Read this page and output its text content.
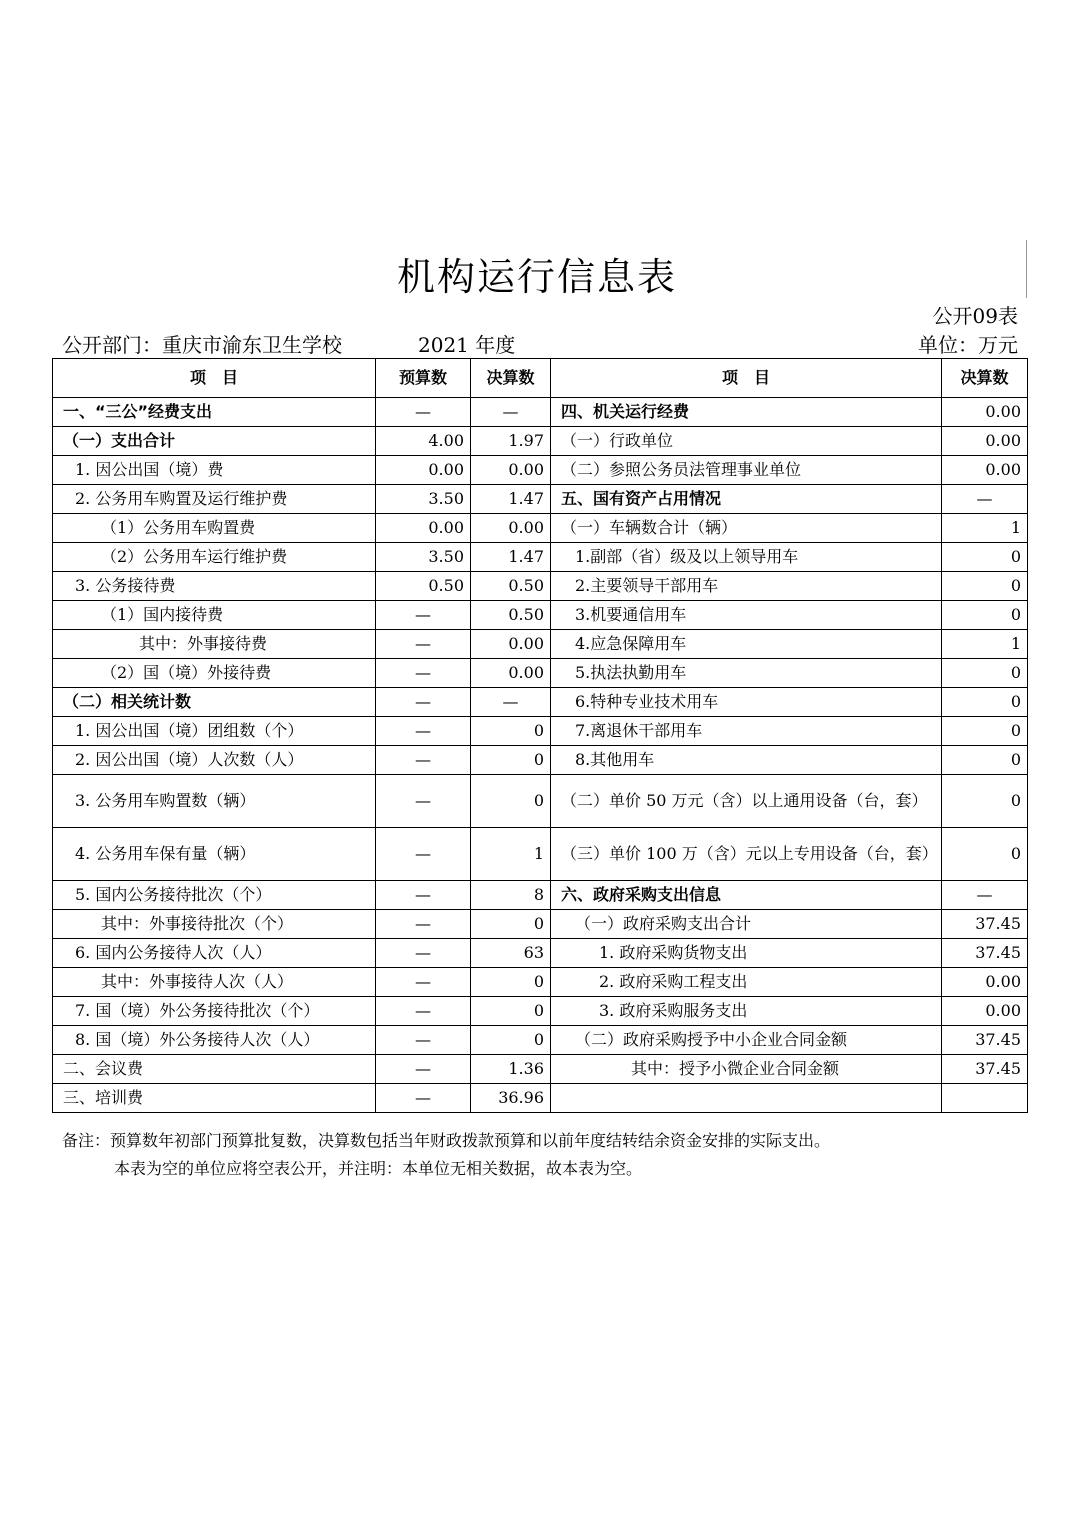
机构运行信息表
公开09表
公开部门：重庆市渝东卫生学校	2021 年度	单位：万元
项　目	预算数	决算数	项　目	决算数
一、“三公”经费支出	—	—	四、机关运行经费	0.00
（一）支出合计	4.00	1.97	（一）行政单位	0.00
1. 因公出国（境）费	0.00	0.00	（二）参照公务员法管理事业单位	0.00
2. 公务用车购置及运行维护费	3.50	1.47	五、国有资产占用情况	—
（1）公务用车购置费	0.00	0.00	（一）车辆数合计（辆）	1
（2）公务用车运行维护费	3.50	1.47	1.副部（省）级及以上领导用车	0
3. 公务接待费	0.50	0.50	2.主要领导干部用车	0
（1）国内接待费	—	0.50	3.机要通信用车	0
其中：外事接待费	—	0.00	4.应急保障用车	1
（2）国（境）外接待费	—	0.00	5.执法执勤用车	0
（二）相关统计数	—	—	6.特种专业技术用车	0
1. 因公出国（境）团组数（个）	—	0	7.离退休干部用车	0
2. 因公出国（境）人次数（人）	—	0	8.其他用车	0
3. 公务用车购置数（辆）	—	0	（二）单价 50 万元（含）以上通用设备（台，套）	0
4. 公务用车保有量（辆）	—	1	（三）单价 100 万（含）元以上专用设备（台，套）	0
5. 国内公务接待批次（个）	—	8	六、政府采购支出信息	—
其中：外事接待批次（个）	—	0	（一）政府采购支出合计	37.45
6. 国内公务接待人次（人）	—	63	1. 政府采购货物支出	37.45
其中：外事接待人次（人）	—	0	2. 政府采购工程支出	0.00
7. 国（境）外公务接待批次（个）	—	0	3. 政府采购服务支出	0.00
8. 国（境）外公务接待人次（人）	—	0	（二）政府采购授予中小企业合同金额	37.45
二、会议费	—	1.36	其中：授予小微企业合同金额	37.45
三、培训费	—	36.96		
备注：预算数年初部门预算批复数，决算数包括当年财政拨款预算和以前年度结转结余资金安排的实际支出。
本表为空的单位应将空表公开，并注明：本单位无相关数据，故本表为空。
